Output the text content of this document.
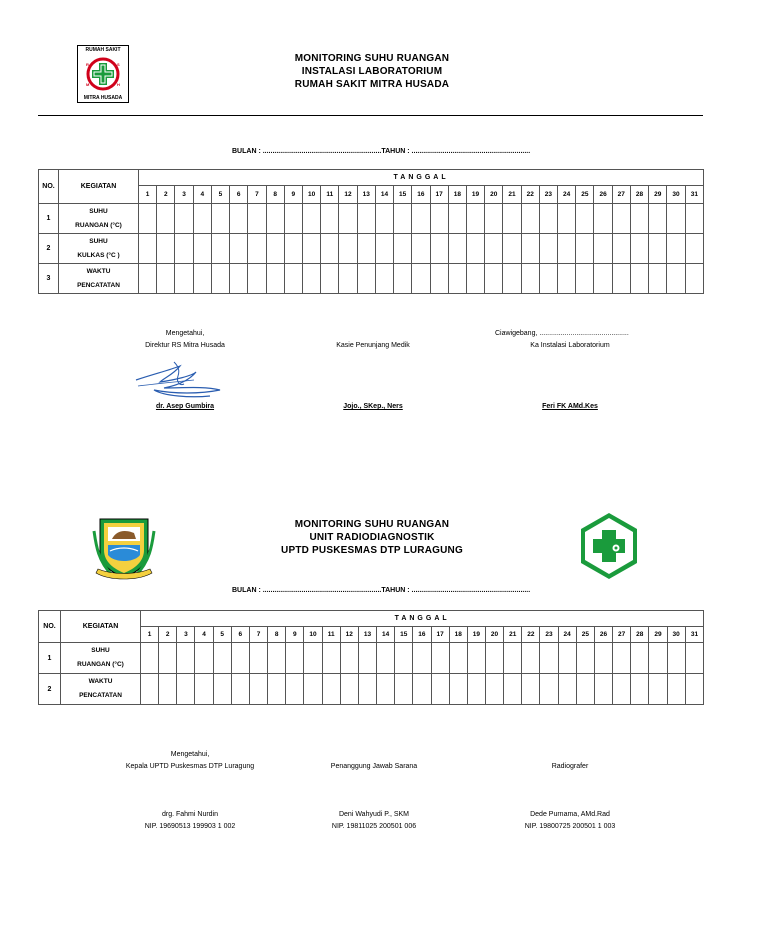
RUMAH SAKIT
MITRA HUSADA
R	S
M	H
MONITORING SUHU RUANGAN
INSTALASI LABORATORIUM
RUMAH SAKIT MITRA HUSADA
BULAN : .............................................................TAHUN : .............................................................
NO.	KEGIATAN	TANGGAL																														
		1	2	3	4	5	6	7	8	9	10	11	12	13	14	15	16	17	18	19	20	21	22	23	24	25	26	27	28	29	30	31
1	SUHU
RUANGAN (°C)																															

2	SUHU
KULKAS (°C )																															

3	WAKTU
PENCATATAN																															

Mengetahui,
Direktur RS Mitra Husada
dr. Asep Gumbira
Kasie Penunjang Medik
Jojo., SKep., Ners
Ciawigebang, ..............................................
Ka Instalasi Laboratorium
Feri FK AMd.Kes
MONITORING SUHU RUANGAN
UNIT RADIODIAGNOSTIK
UPTD PUSKESMAS DTP LURAGUNG
BULAN : .............................................................TAHUN : .............................................................
NO.	KEGIATAN	TANGGAL																														
		1	2	3	4	5	6	7	8	9	10	11	12	13	14	15	16	17	18	19	20	21	22	23	24	25	26	27	28	29	30	31
1	SUHU
RUANGAN (°C)																															

2	WAKTU
PENCATATAN																															

Mengetahui,
Kepala UPTD Puskesmas DTP Luragung
drg. Fahmi Nurdin
NIP. 19690513 199903 1 002
Penanggung Jawab Sarana
Deni Wahyudi P., SKM
NIP. 19811025 200501 006
Radiografer
Dede Purnama, AMd.Rad
NIP. 19800725 200501 1 003
